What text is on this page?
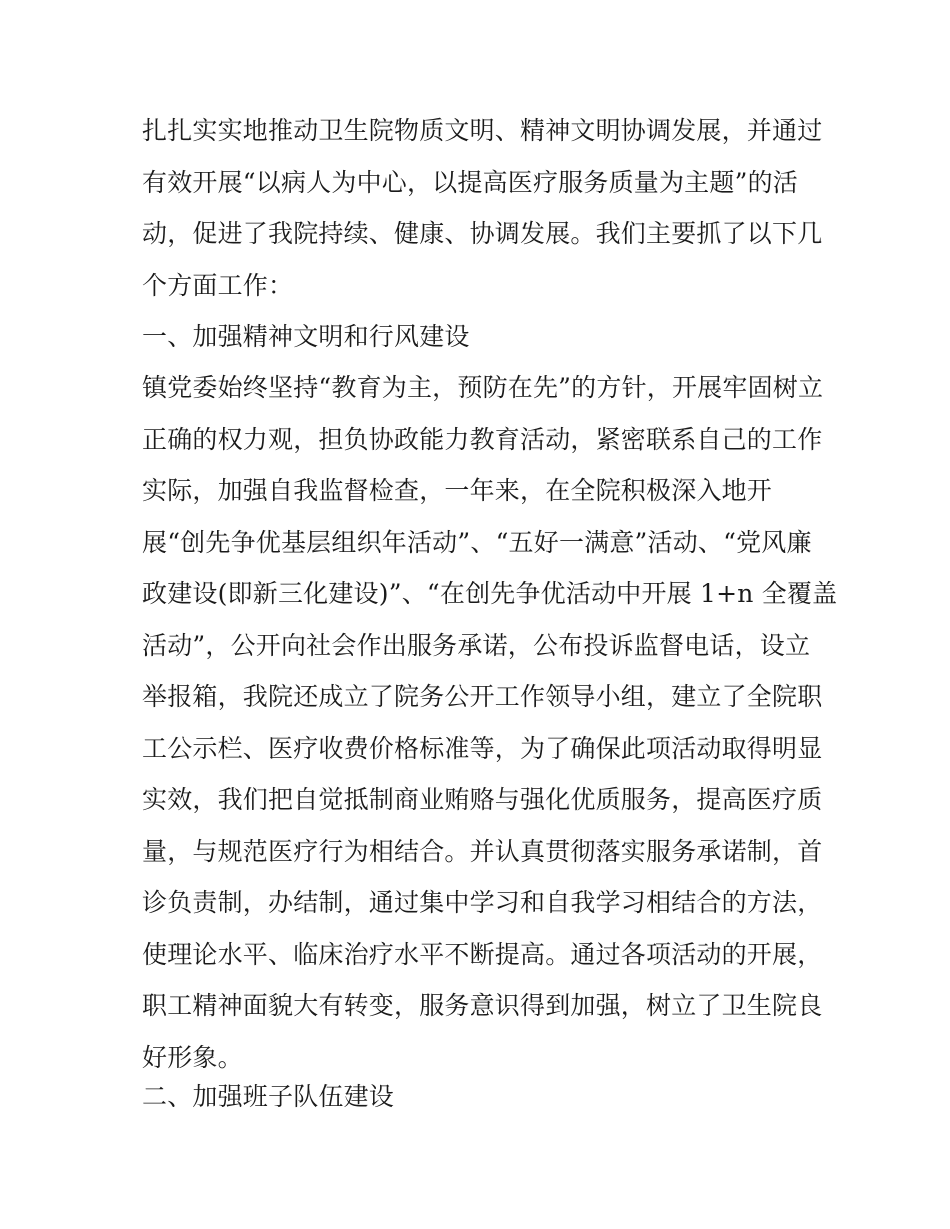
扎扎实实地推动卫生院物质文明、精神文明协调发展，并通过
有效开展“以病人为中心，以提高医疗服务质量为主题”的活
动，促进了我院持续、健康、协调发展。我们主要抓了以下几
个方面工作：
一、加强精神文明和行风建设
镇党委始终坚持“教育为主，预防在先”的方针，开展牢固树立
正确的权力观，担负协政能力教育活动，紧密联系自己的工作
实际，加强自我监督检查，一年来，在全院积极深入地开
展“创先争优基层组织年活动”、“五好一满意”活动、“党风廉
政建设(即新三化建设)”、“在创先争优活动中开展 1+n 全覆盖
活动”，公开向社会作出服务承诺，公布投诉监督电话，设立
举报箱，我院还成立了院务公开工作领导小组，建立了全院职
工公示栏、医疗收费价格标准等，为了确保此项活动取得明显
实效，我们把自觉抵制商业贿赂与强化优质服务，提高医疗质
量，与规范医疗行为相结合。并认真贯彻落实服务承诺制，首
诊负责制，办结制，通过集中学习和自我学习相结合的方法，
使理论水平、临床治疗水平不断提高。通过各项活动的开展，
职工精神面貌大有转变，服务意识得到加强，树立了卫生院良
好形象。
二、加强班子队伍建设
